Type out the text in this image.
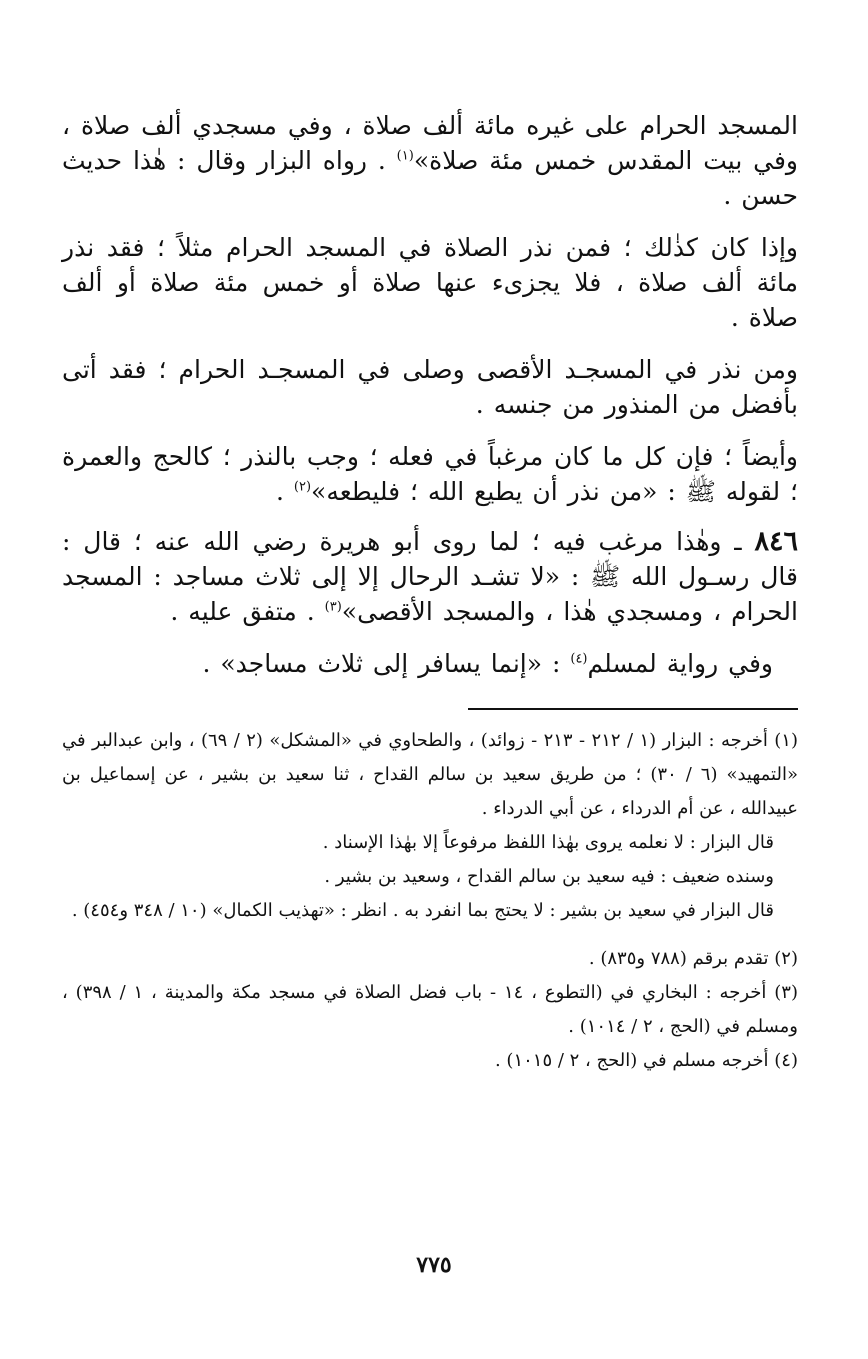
المسجد الحرام على غيره مائة ألف صلاة ، وفي مسجدي ألف صلاة ، وفي بيت المقدس خمس مئة صلاة»$^{(١)}$ . رواه البزار وقال : هٰذا حديث حسن .

وإذا كان كذٰلك ؛ فمن نذر الصلاة في المسجد الحرام مثلاً ؛ فقد نذر مائة ألف صلاة ، فلا يجزىء عنها صلاة أو خمس مئة صلاة أو ألف صلاة .

ومن نذر في المسجـد الأقصى وصلى في المسجـد الحرام ؛ فقد أتى بأفضل من المنذور من جنسه .

وأيضاً ؛ فإن كل ما كان مرغباً في فعله ؛ وجب بالنذر ؛ كالحج والعمرة ؛ لقوله ﷺ : «من نذر أن يطيع الله ؛ فليطعه»$^{(٢)}$ .

٨٤٦ ـ وهٰذا مرغب فيه ؛ لما روى أبو هريرة رضي الله عنه ؛ قال : قال رسـول الله ﷺ : «لا تشـد الرحال إلا إلى ثلاث مساجد : المسجد الحرام ، ومسجدي هٰذا ، والمسجد الأقصى»$^{(٣)}$ . متفق عليه .

 وفي رواية لمسلم$^{(٤)}$ : «إنما يسافر إلى ثلاث مساجد» .

(١) أخرجه : البزار (١ / ٢١٢ - ٢١٣ - زوائد) ، والطحاوي في «المشكل» (٢ / ٦٩) ، وابن عبدالبر في «التمهيد» (٦ / ٣٠) ؛ من طريق سعيد بن سالم القداح ، ثنا سعيد بن بشير ، عن إسماعيل بن عبيدالله ، عن أم الدرداء ، عن أبي الدرداء .

قال البزار : لا نعلمه يروى بهٰذا اللفظ مرفوعاً إلا بهٰذا الإسناد .

وسنده ضعيف : فيه سعيد بن سالم القداح ، وسعيد بن بشير .

قال البزار في سعيد بن بشير : لا يحتج بما انفرد به . انظر : «تهذيب الكمال» (١٠ / ٣٤٨ و٤٥٤) .

(٢) تقدم برقم (٧٨٨ و٨٣٥) .

(٣) أخرجه : البخاري في (التطوع ، ١٤ - باب فضل الصلاة في مسجد مكة والمدينة ، ١ / ٣٩٨) ، ومسلم في (الحج ، ٢ / ١٠١٤) .

(٤) أخرجه مسلم في (الحج ، ٢ / ١٠١٥) .

٧٧٥
